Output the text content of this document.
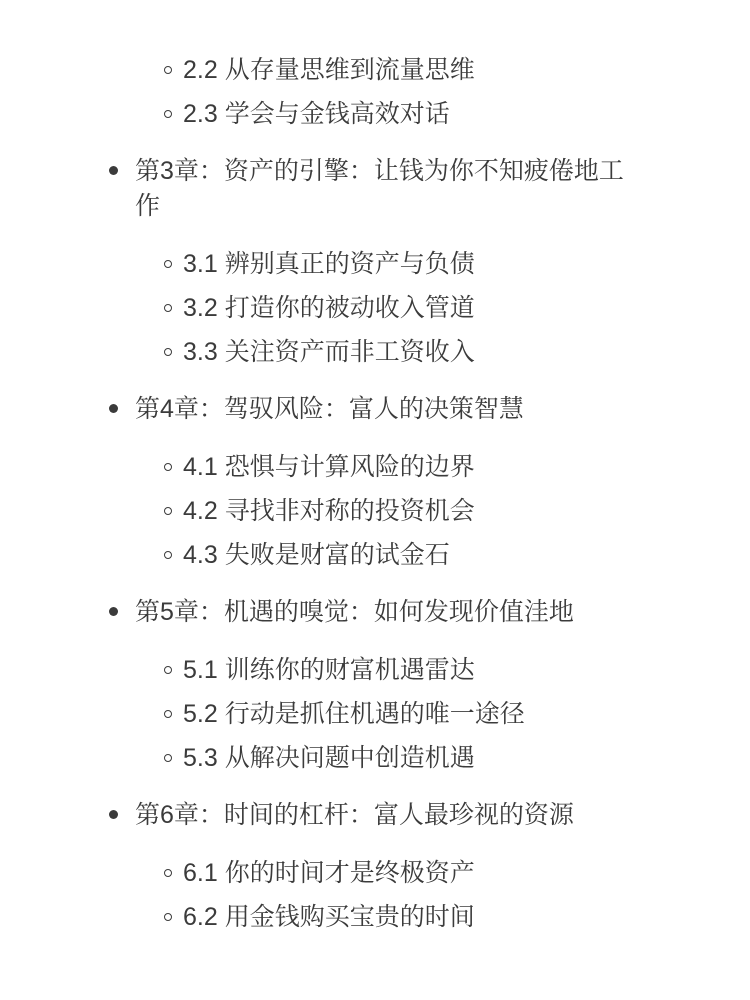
2.2 从存量思维到流量思维
2.3 学会与金钱高效对话
第3章：资产的引擎：让钱为你不知疲倦地工作
3.1 辨别真正的资产与负债
3.2 打造你的被动收入管道
3.3 关注资产而非工资收入
第4章：驾驭风险：富人的决策智慧
4.1 恐惧与计算风险的边界
4.2 寻找非对称的投资机会
4.3 失败是财富的试金石
第5章：机遇的嗅觉：如何发现价值洼地
5.1 训练你的财富机遇雷达
5.2 行动是抓住机遇的唯一途径
5.3 从解决问题中创造机遇
第6章：时间的杠杆：富人最珍视的资源
6.1 你的时间才是终极资产
6.2 用金钱购买宝贵的时间
